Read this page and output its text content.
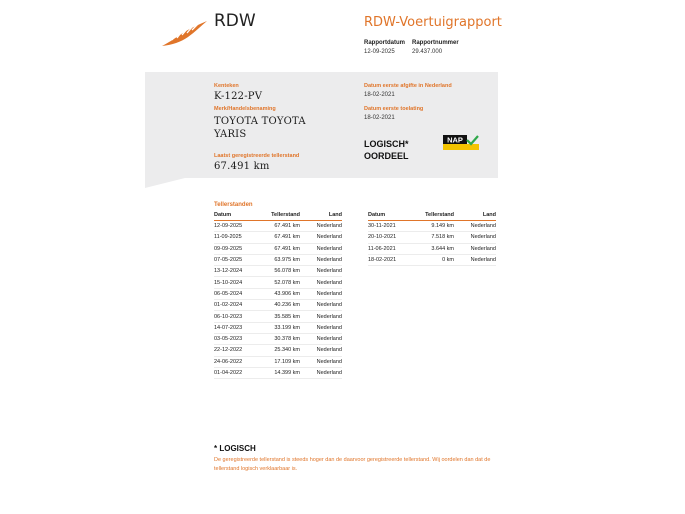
RDW	RDW-Voertuigrapport
Rapportdatum
12-09-2025
Rapportnummer
29.437.000
Kenteken
K-122-PV
Merk/Handelsbenaming
TOYOTA TOYOTA
YARIS
Laatst geregistreerde tellerstand
67.491 km
Datum eerste afgifte in Nederland
18-02-2021
Datum eerste toelating
18-02-2021
LOGISCH*
OORDEEL
NAP
Tellerstanden
Datum	Tellerstand	Land
12-09-2025	67.491 km	Nederland
11-09-2025	67.491 km	Nederland
09-09-2025	67.491 km	Nederland
07-05-2025	63.975 km	Nederland
13-12-2024	56.078 km	Nederland
15-10-2024	52.078 km	Nederland
06-05-2024	43.906 km	Nederland
01-02-2024	40.236 km	Nederland
06-10-2023	35.585 km	Nederland
14-07-2023	33.199 km	Nederland
03-05-2023	30.378 km	Nederland
22-12-2022	25.340 km	Nederland
24-06-2022	17.109 km	Nederland
01-04-2022	14.399 km	Nederland
Datum	Tellerstand	Land
30-11-2021	9.149 km	Nederland
20-10-2021	7.518 km	Nederland
11-06-2021	3.644 km	Nederland
18-02-2021	0 km	Nederland
* LOGISCH
De geregistreerde tellerstand is steeds hoger dan de daarvoor geregistreerde tellerstand. Wij oordelen dan dat de tellerstand logisch verklaarbaar is.
